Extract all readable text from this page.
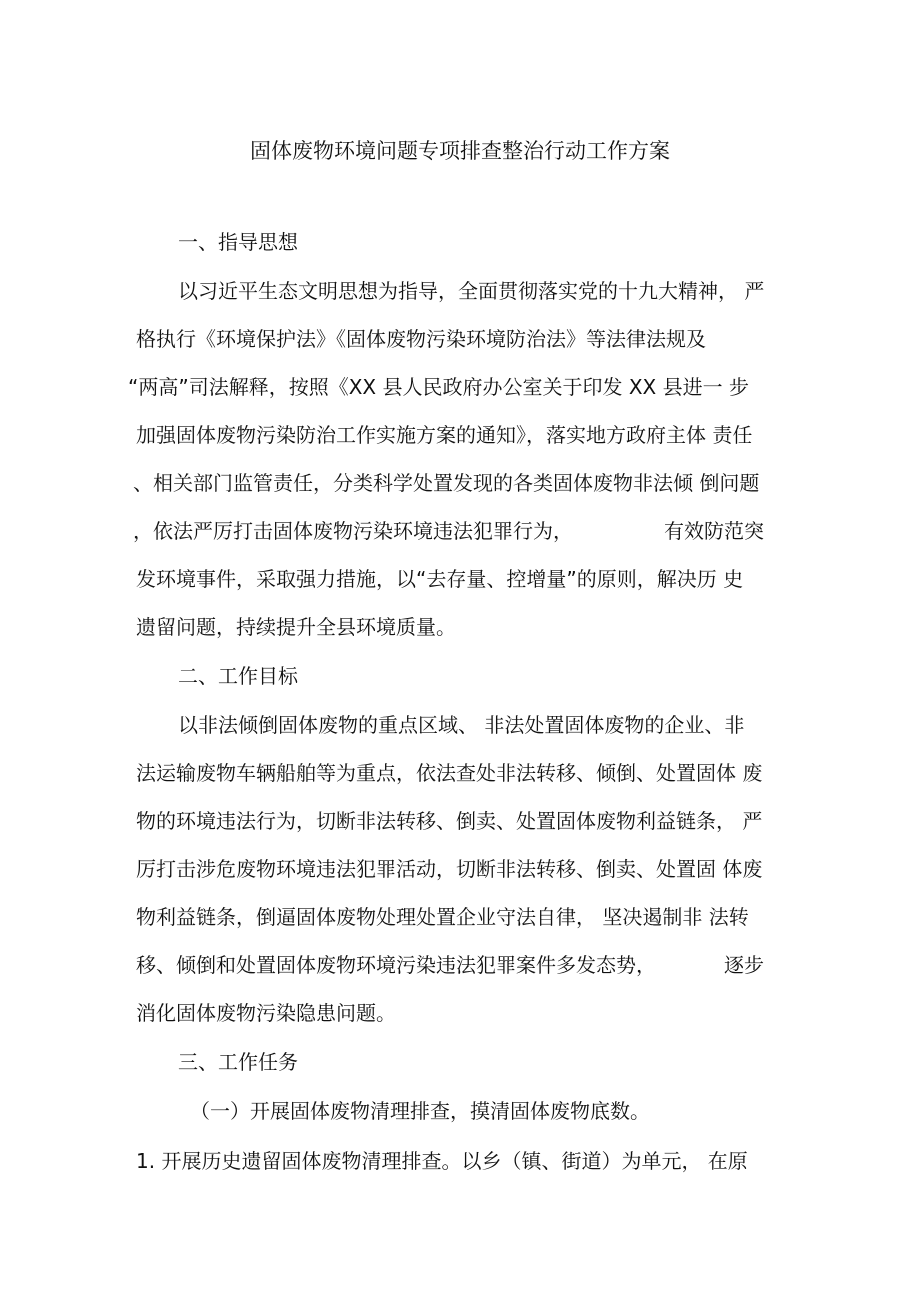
固体废物环境问题专项排查整治行动工作方案
一、指导思想
以习近平生态文明思想为指导，全面贯彻落实党的十九大精神， 严
格执行《环境保护法》《固体废物污染环境防治法》等法律法规及
“两高”司法解释，按照《XX 县人民政府办公室关于印发 XX 县进一 步
加强固体废物污染防治工作实施方案的通知》，落实地方政府主体 责任
、相关部门监管责任，分类科学处置发现的各类固体废物非法倾 倒问题
，依法严厉打击固体废物污染环境违法犯罪行为，	有效防范突
发环境事件，采取强力措施，以“去存量、控增量”的原则，解决历 史
遗留问题，持续提升全县环境质量。
二、工作目标
以非法倾倒固体废物的重点区域、 非法处置固体废物的企业、非
法运输废物车辆船舶等为重点，依法查处非法转移、倾倒、处置固体 废
物的环境违法行为，切断非法转移、倒卖、处置固体废物利益链条， 严
厉打击涉危废物环境违法犯罪活动，切断非法转移、倒卖、处置固 体废
物利益链条，倒逼固体废物处理处置企业守法自律， 坚决遏制非 法转
移、倾倒和处置固体废物环境污染违法犯罪案件多发态势，	逐步
消化固体废物污染隐患问题。
三、工作任务
（一）开展固体废物清理排查，摸清固体废物底数。
1. 开展历史遗留固体废物清理排查。以乡（镇、街道）为单元， 在原
